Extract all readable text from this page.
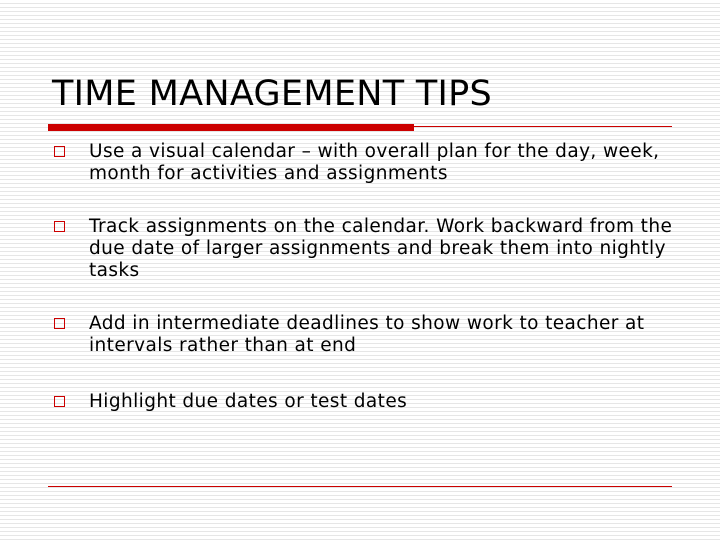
TIME MANAGEMENT TIPS
Use a visual calendar – with overall plan for the day, week, month for activities and assignments
Track assignments on the calendar. Work backward from the due date of larger assignments and break them into nightly tasks
Add in intermediate deadlines to show work to teacher at intervals rather than at end
Highlight due dates or test dates
